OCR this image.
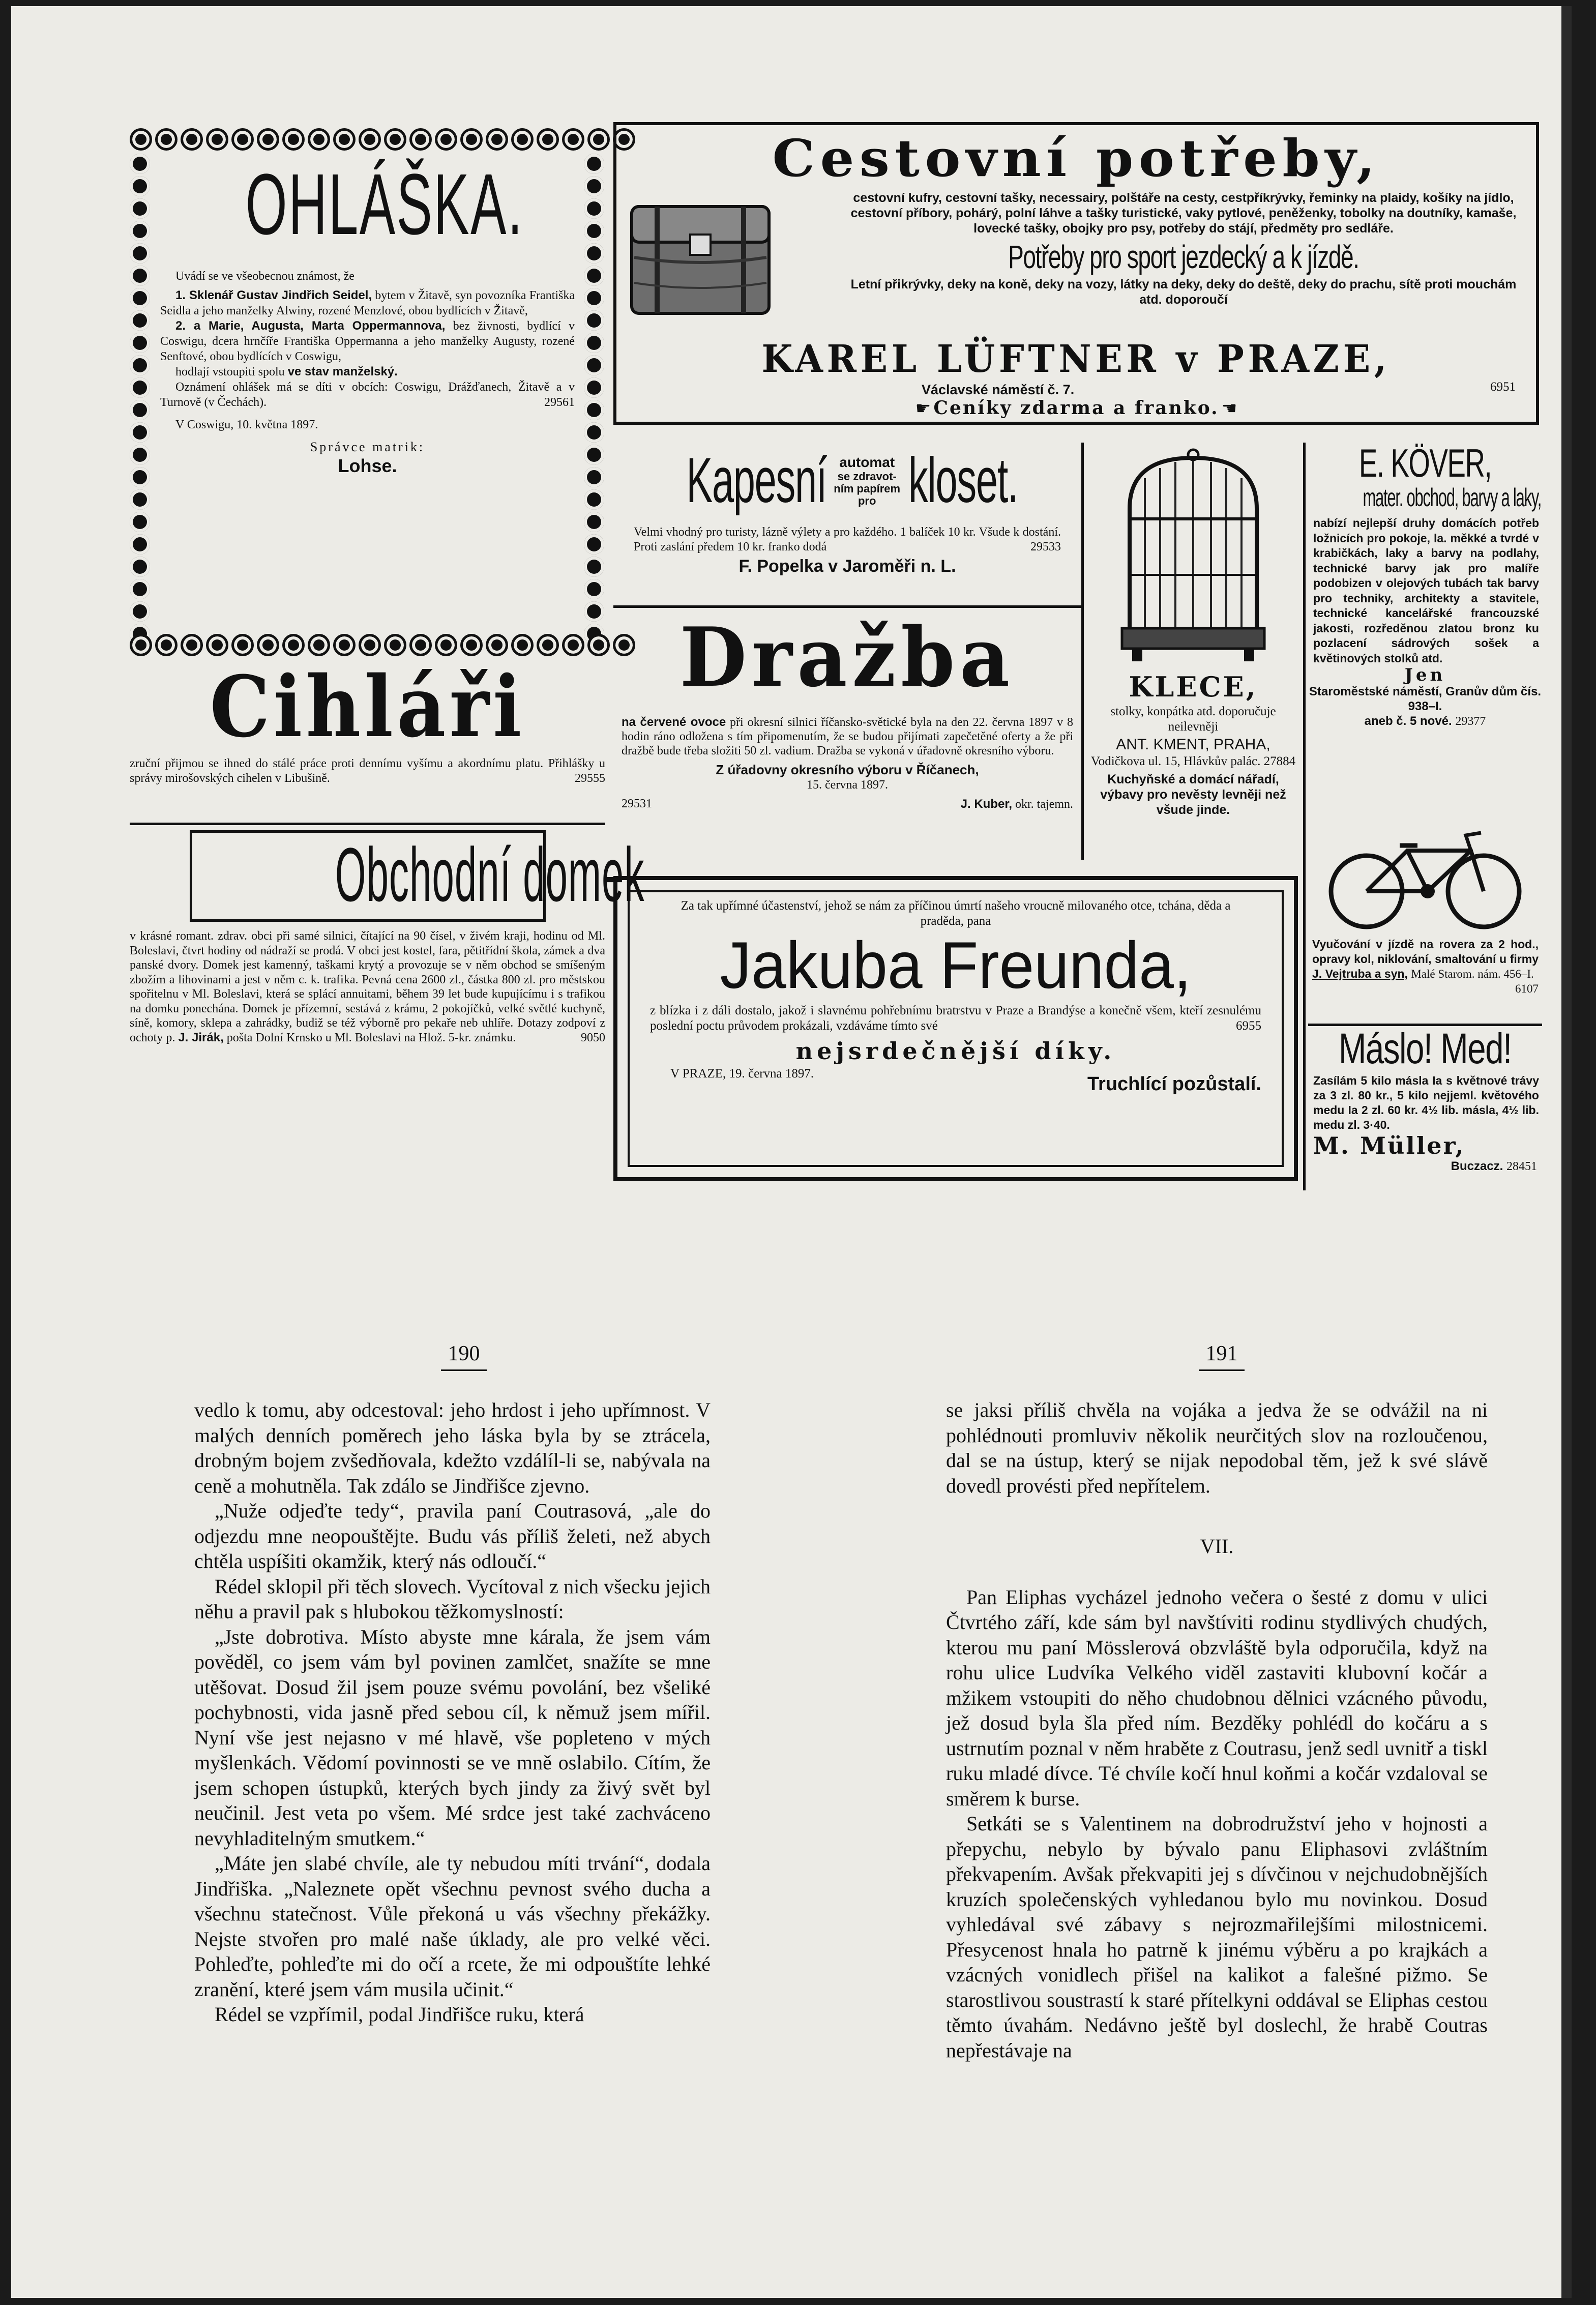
OHLÁŠKA.

Uvádí se ve všeobecnou známost, že

1. Sklenář Gustav Jindřich Seidel, bytem v Žitavě, syn povozníka Františka Seidla a jeho manželky Alwiny, rozené Menzlové, obou bydlících v Žitavě,

2. a Marie, Augusta, Marta Oppermannova, bez živnosti, bydlící v Coswigu, dcera hrnčíře Františka Oppermanna a jeho manželky Augusty, rozené Senftové, obou bydlících v Coswigu,

hodlají vstoupiti spolu ve stav manželský.

Oznámení ohlášek má se díti v obcích: Coswigu, Drážďanech, Žitavě a v Turnově (v Čechách).	29561

V Coswigu, 10. května 1897.

Správce matrik:

Lohse.

Cihláři

zruční přijmou se ihned do stálé práce proti dennímu vyšímu a akordnímu platu. Přihlášky u správy mirošovských cihelen v Libušině.	29555

Obchodní domek

v krásné romant. zdrav. obci při samé silnici, čítající na 90 čísel, v živém kraji, hodinu od Ml. Boleslavi, čtvrt hodiny od nádraží se prodá. V obci jest kostel, fara, pětitřídní škola, zámek a dva panské dvory. Domek jest kamenný, taškami krytý a provozuje se v něm obchod se smíšeným zbožím a lihovinami a jest v něm c. k. trafika. Pevná cena 2600 zl., částka 800 zl. pro městskou spořitelnu v Ml. Boleslavi, která se splácí annuitami, během 39 let bude kupujícímu i s trafikou na domku ponechána. Domek je přízemní, sestává z krámu, 2 pokojíčků, velké světlé kuchyně, síně, komory, sklepa a zahrádky, budiž se též výborně pro pekaře neb uhlíře. Dotazy zodpoví z ochoty p. J. Jirák, pošta Dolní Krnsko u Ml. Boleslavi na Hlož. 5-kr. známku.	9050

Cestovní potřeby,

cestovní kufry, cestovní tašky, necessairy, polštáře na cesty, cestpříkrývky, řeminky na plaidy, košíky na jídlo, cestovní příbory, pohárý, polní láhve a tašky turistické, vaky pytlové, peněženky, tobolky na doutníky, kamaše, lovecké tašky, obojky pro psy, potřeby do stájí, předměty pro sedláře.

Potřeby pro sport jezdecký a k jízdě.

Letní přikrývky, deky na koně, deky na vozy, látky na deky, deky do deště, deky do prachu, sítě proti mouchám atd. doporoučí

KAREL LÜFTNER v PRAZE,

Václavské náměstí č. 7.	6951

☛ Ceníky zdarma a franko. ☚
Kapesní automat
se zdravot-
ním papírem
pro kloset.

Velmi vhodný pro turisty, lázně výlety a pro každého. 1 balíček 10 kr. Všude k dostání. Proti zaslání předem 10 kr. franko dodá	29533

F. Popelka v Jaroměři n. L.

Dražba

na červené ovoce při okresní silnici říčansko-světické byla na den 22. června 1897 v 8 hodin ráno odložena s tím připomenutím, že se budou přijímati zapečetěné oferty a že při dražbě bude třeba složiti 50 zl. vadium. Dražba se vykoná v úřadovně okresního výboru.

Z úřadovny okresního výboru v Říčanech,

15. června 1897.

29531	J. Kuber, okr. tajemn.
KLECE,

stolky, konpátka atd. doporučuje neilevněji

ANT. KMENT, PRAHA,

Vodičkova ul. 15, Hlávkův palác. 27884

Kuchyňské a domácí nářadí, výbavy pro nevěsty levněji než všude jinde.

E. KÖVER,
mater. obchod, barvy a laky,

nabízí nejlepší druhy domácích potřeb ložnicích pro pokoje, la. měkké a tvrdé v krabičkách, laky a barvy na podlahy, technické barvy jak pro malíře podobizen v olejových tubách tak barvy pro techniky, architekty a stavitele, technické kancelářské francouzské jakosti, rozředěnou zlatou bronz ku pozlacení sádrových sošek a květinových stolků atd.

Jen
Staroměstské náměstí, Granův dům čís. 938–I.
aneb č. 5 nové. 29377

Vyučování v jízdě na rovera za 2 hod., opravy kol, niklování, smaltování u firmy J. Vejtruba a syn, Malé Starom. nám. 456–I.
6107

Máslo! Med!

Zasílám 5 kilo másla Ia s květnové trávy za 3 zl. 80 kr., 5 kilo nejjeml. květového medu Ia 2 zl. 60 kr. 4½ lib. másla, 4½ lib. medu zl. 3·40.

M. Müller,

Buczacz. 28451

Za tak upřímné účastenství, jehož se nám za příčinou úmrtí našeho vroucně milovaného otce, tchána, děda a praděda, pana

Jakuba Freunda,

z blízka i z dáli dostalo, jakož i slavnému pohřebnímu bratrstvu v Praze a Brandýse a konečně všem, kteří zesnulému poslední poctu průvodem prokázali, vzdáváme tímto své	6955

nejsrdečnější díky.

V PRAZE, 19. června 1897.	Truchlící pozůstalí.
190	191

vedlo k tomu, aby odcestoval: jeho hrdost i jeho upřímnost. V malých denních poměrech jeho láska byla by se ztrácela, drobným bojem zvšedňovala, kdežto vzdálíl-li se, nabývala na ceně a mohutněla. Tak zdálo se Jindřišce zjevno.

„Nuže odjeďte tedy“, pravila paní Coutrasová, „ale do odjezdu mne neopouštějte. Budu vás příliš želeti, než abych chtěla uspíšiti okamžik, který nás odloučí.“

Rédel sklopil při těch slovech. Vycítoval z nich všecku jejich něhu a pravil pak s hlubokou těžkomyslností:

„Jste dobrotiva. Místo abyste mne kárala, že jsem vám pověděl, co jsem vám byl povinen zamlčet, snažíte se mne utěšovat. Dosud žil jsem pouze svému povolání, bez všeliké pochybnosti, vida jasně před sebou cíl, k němuž jsem mířil. Nyní vše jest nejasno v mé hlavě, vše popleteno v mých myšlenkách. Vědomí povinnosti se ve mně oslabilo. Cítím, že jsem schopen ústupků, kterých bych jindy za živý svět byl neučinil. Jest veta po všem. Mé srdce jest také zachváceno nevyhladitelným smutkem.“

„Máte jen slabé chvíle, ale ty nebudou míti trvání“, dodala Jindřiška. „Naleznete opět všechnu pevnost svého ducha a všechnu statečnost. Vůle překoná u vás všechny překážky. Nejste stvořen pro malé naše úklady, ale pro velké věci. Pohleďte, pohleďte mi do očí a rcete, že mi odpouštíte lehké zranění, které jsem vám musila učinit.“

Rédel se vzpřímil, podal Jindřišce ruku, která

se jaksi příliš chvěla na vojáka a jedva že se odvážil na ni pohlédnouti promluviv několik neurčitých slov na rozloučenou, dal se na ústup, který se nijak nepodobal těm, jež k své slávě dovedl provésti před nepřítelem.

VII.

Pan Eliphas vycházel jednoho večera o šesté z domu v ulici Čtvrtého září, kde sám byl navštíviti rodinu stydlivých chudých, kterou mu paní Mösslerová obzvláště byla odporučila, když na rohu ulice Ludvíka Velkého viděl zastaviti klubovní kočár a mžikem vstoupiti do něho chudobnou dělnici vzácného původu, jež dosud byla šla před ním. Bezděky pohlédl do kočáru a s ustrnutím poznal v něm hraběte z Coutrasu, jenž sedl uvnitř a tiskl ruku mladé dívce. Té chvíle kočí hnul koňmi a kočár vzdaloval se směrem k burse.

Setkáti se s Valentinem na dobrodružství jeho v hojnosti a přepychu, nebylo by bývalo panu Eliphasovi zvláštním překvapením. Avšak překvapiti jej s dívčinou v nejchudobnějších kruzích společenských vyhledanou bylo mu novinkou. Dosud vyhledával své zábavy s nejrozmařilejšími milostnicemi. Přesycenost hnala ho patrně k jinému výběru a po krajkách a vzácných vonidlech přišel na kalikot a falešné pižmo. Se starostlivou soustrastí k staré přítelkyni oddával se Eliphas cestou těmto úvahám. Nedávno ještě byl doslechl, že hrabě Coutras nepřestávaje na
